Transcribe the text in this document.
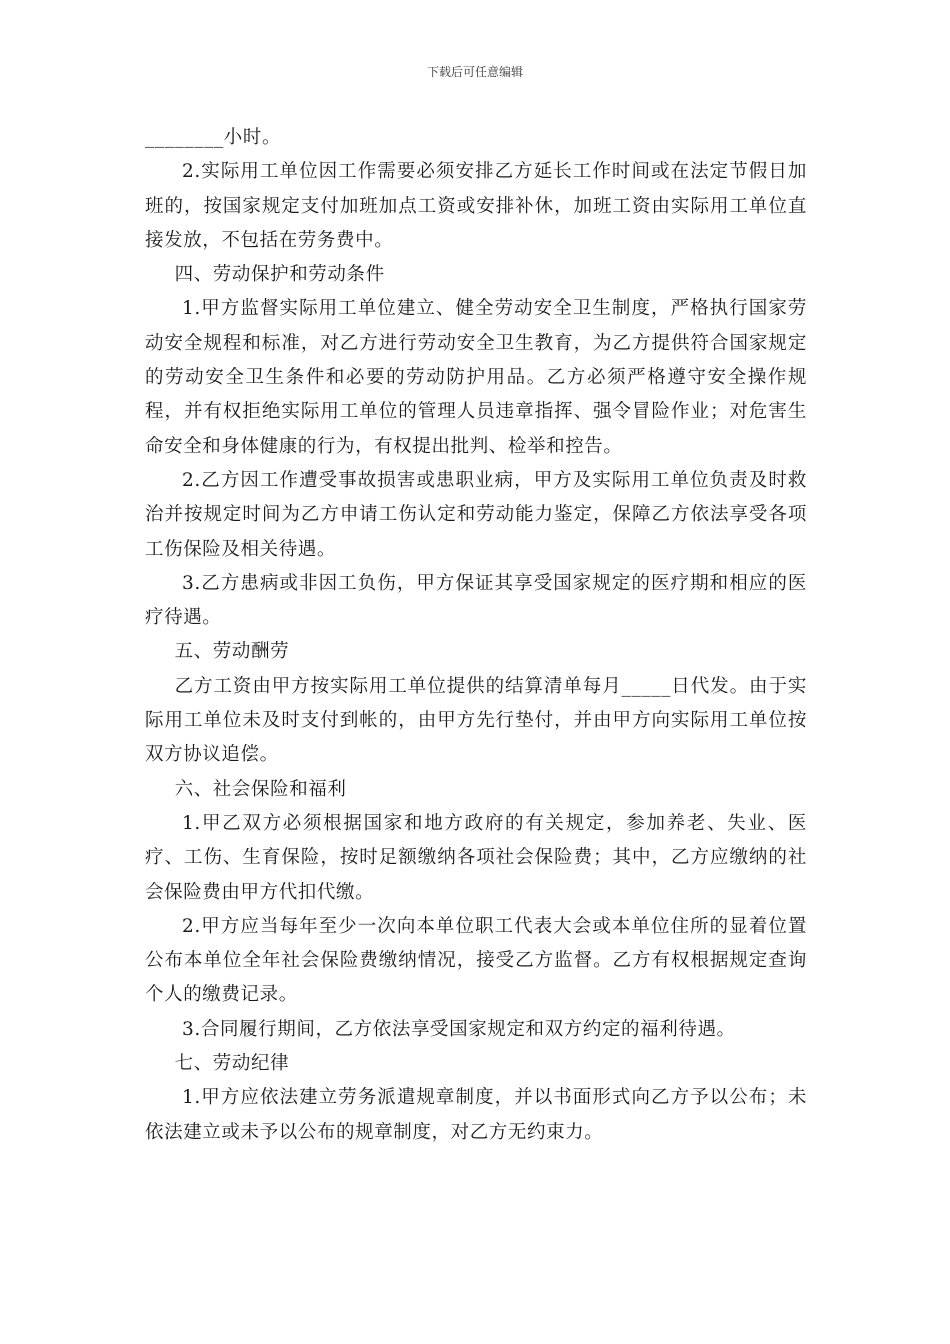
下载后可任意编辑

________小时。

2.实际用工单位因工作需要必须安排乙方延长工作时间或在法定节假日加班的，按国家规定支付加班加点工资或安排补休，加班工资由实际用工单位直接发放，不包括在劳务费中。

四、劳动保护和劳动条件

1.甲方监督实际用工单位建立、健全劳动安全卫生制度，严格执行国家劳动安全规程和标准，对乙方进行劳动安全卫生教育，为乙方提供符合国家规定的劳动安全卫生条件和必要的劳动防护用品。乙方必须严格遵守安全操作规程，并有权拒绝实际用工单位的管理人员违章指挥、强令冒险作业；对危害生命安全和身体健康的行为，有权提出批判、检举和控告。

2.乙方因工作遭受事故损害或患职业病，甲方及实际用工单位负责及时救治并按规定时间为乙方申请工伤认定和劳动能力鉴定，保障乙方依法享受各项工伤保险及相关待遇。

3.乙方患病或非因工负伤，甲方保证其享受国家规定的医疗期和相应的医疗待遇。

五、劳动酬劳

乙方工资由甲方按实际用工单位提供的结算清单每月_____日代发。由于实际用工单位未及时支付到帐的，由甲方先行垫付，并由甲方向实际用工单位按双方协议追偿。

六、社会保险和福利

1.甲乙双方必须根据国家和地方政府的有关规定，参加养老、失业、医疗、工伤、生育保险，按时足额缴纳各项社会保险费；其中，乙方应缴纳的社会保险费由甲方代扣代缴。

2.甲方应当每年至少一次向本单位职工代表大会或本单位住所的显着位置公布本单位全年社会保险费缴纳情况，接受乙方监督。乙方有权根据规定查询个人的缴费记录。

3.合同履行期间，乙方依法享受国家规定和双方约定的福利待遇。

七、劳动纪律

1.甲方应依法建立劳务派遣规章制度，并以书面形式向乙方予以公布；未依法建立或未予以公布的规章制度，对乙方无约束力。
